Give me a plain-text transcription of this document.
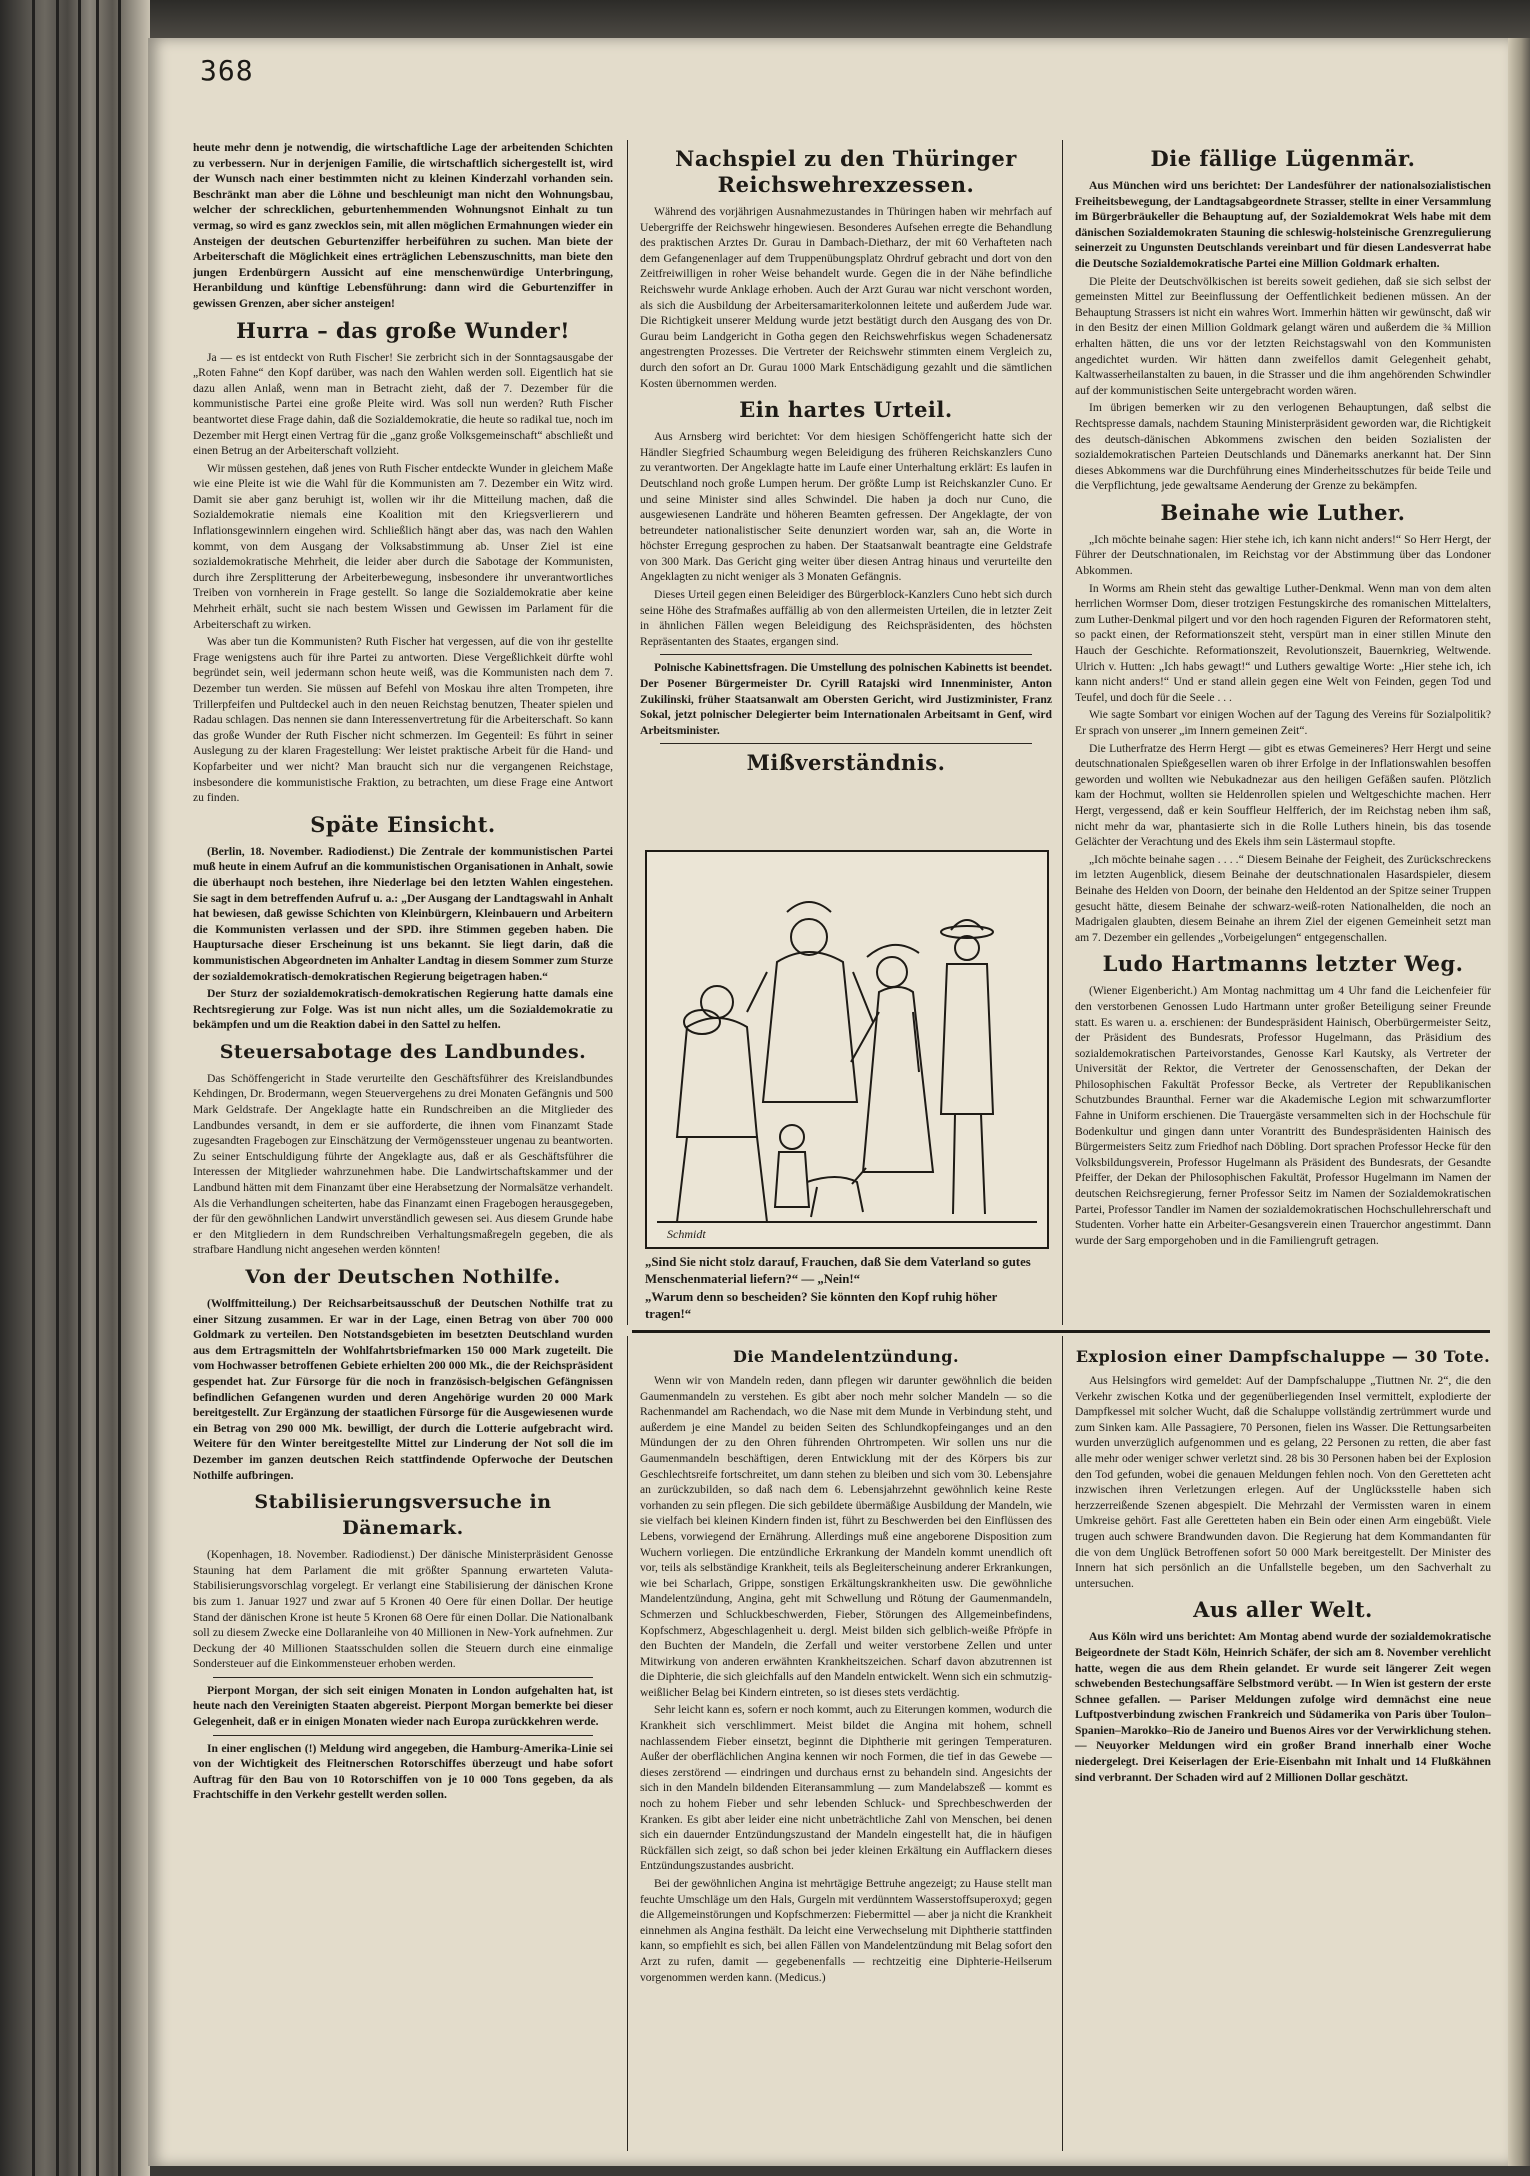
368

heute mehr denn je notwendig, die wirtschaftliche Lage der arbeitenden Schichten zu verbessern. Nur in derjenigen Familie, die wirtschaftlich sichergestellt ist, wird der Wunsch nach einer bestimmten nicht zu kleinen Kinderzahl vorhanden sein. Beschränkt man aber die Löhne und beschleunigt man nicht den Wohnungsbau, welcher der schrecklichen, geburtenhemmenden Wohnungsnot Einhalt zu tun vermag, so wird es ganz zwecklos sein, mit allen möglichen Ermahnungen wieder ein Ansteigen der deutschen Geburtenziffer herbeiführen zu suchen. Man biete der Arbeiterschaft die Möglichkeit eines erträglichen Lebenszuschnitts, man biete den jungen Erdenbürgern Aussicht auf eine menschenwürdige Unterbringung, Heranbildung und künftige Lebensführung: dann wird die Geburtenziffer in gewissen Grenzen, aber sicher ansteigen!

Hurra – das große Wunder!

Ja — es ist entdeckt von Ruth Fischer! Sie zerbricht sich in der Sonntagsausgabe der „Roten Fahne“ den Kopf darüber, was nach den Wahlen werden soll. Eigentlich hat sie dazu allen Anlaß, wenn man in Betracht zieht, daß der 7. Dezember für die kommunistische Partei eine große Pleite wird. Was soll nun werden? Ruth Fischer beantwortet diese Frage dahin, daß die Sozialdemokratie, die heute so radikal tue, noch im Dezember mit Hergt einen Vertrag für die „ganz große Volksgemeinschaft“ abschließt und einen Betrug an der Arbeiterschaft vollzieht.

Wir müssen gestehen, daß jenes von Ruth Fischer entdeckte Wunder in gleichem Maße wie eine Pleite ist wie die Wahl für die Kommunisten am 7. Dezember ein Witz wird. Damit sie aber ganz beruhigt ist, wollen wir ihr die Mitteilung machen, daß die Sozialdemokratie niemals eine Koalition mit den Kriegsverlierern und Inflationsgewinnlern eingehen wird. Schließlich hängt aber das, was nach den Wahlen kommt, von dem Ausgang der Volksabstimmung ab. Unser Ziel ist eine sozialdemokratische Mehrheit, die leider aber durch die Sabotage der Kommunisten, durch ihre Zersplitterung der Arbeiterbewegung, insbesondere ihr unverantwortliches Treiben von vornherein in Frage gestellt. So lange die Sozialdemokratie aber keine Mehrheit erhält, sucht sie nach bestem Wissen und Gewissen im Parlament für die Arbeiterschaft zu wirken.

Was aber tun die Kommunisten? Ruth Fischer hat vergessen, auf die von ihr gestellte Frage wenigstens auch für ihre Partei zu antworten. Diese Vergeßlichkeit dürfte wohl begründet sein, weil jedermann schon heute weiß, was die Kommunisten nach dem 7. Dezember tun werden. Sie müssen auf Befehl von Moskau ihre alten Trompeten, ihre Trillerpfeifen und Pultdeckel auch in den neuen Reichstag benutzen, Theater spielen und Radau schlagen. Das nennen sie dann Interessenvertretung für die Arbeiterschaft. So kann das große Wunder der Ruth Fischer nicht schmerzen. Im Gegenteil: Es führt in seiner Auslegung zu der klaren Fragestellung: Wer leistet praktische Arbeit für die Hand- und Kopfarbeiter und wer nicht? Man braucht sich nur die vergangenen Reichstage, insbesondere die kommunistische Fraktion, zu betrachten, um diese Frage eine Antwort zu finden.

Späte Einsicht.

(Berlin, 18. November. Radiodienst.) Die Zentrale der kommunistischen Partei muß heute in einem Aufruf an die kommunistischen Organisationen in Anhalt, sowie die überhaupt noch bestehen, ihre Niederlage bei den letzten Wahlen eingestehen. Sie sagt in dem betreffenden Aufruf u. a.: „Der Ausgang der Landtagswahl in Anhalt hat bewiesen, daß gewisse Schichten von Kleinbürgern, Kleinbauern und Arbeitern die Kommunisten verlassen und der SPD. ihre Stimmen gegeben haben. Die Hauptursache dieser Erscheinung ist uns bekannt. Sie liegt darin, daß die kommunistischen Abgeordneten im Anhalter Landtag in diesem Sommer zum Sturze der sozialdemokratisch-demokratischen Regierung beigetragen haben.“

Der Sturz der sozialdemokratisch-demokratischen Regierung hatte damals eine Rechtsregierung zur Folge. Was ist nun nicht alles, um die Sozialdemokratie zu bekämpfen und um die Reaktion dabei in den Sattel zu helfen.

Steuersabotage des Landbundes.

Das Schöffengericht in Stade verurteilte den Geschäftsführer des Kreislandbundes Kehdingen, Dr. Brodermann, wegen Steuervergehens zu drei Monaten Gefängnis und 500 Mark Geldstrafe. Der Angeklagte hatte ein Rundschreiben an die Mitglieder des Landbundes versandt, in dem er sie aufforderte, die ihnen vom Finanzamt Stade zugesandten Fragebogen zur Einschätzung der Vermögenssteuer ungenau zu beantworten. Zu seiner Entschuldigung führte der Angeklagte aus, daß er als Geschäftsführer die Interessen der Mitglieder wahrzunehmen habe. Die Landwirtschaftskammer und der Landbund hätten mit dem Finanzamt über eine Herabsetzung der Normalsätze verhandelt. Als die Verhandlungen scheiterten, habe das Finanzamt einen Fragebogen herausgegeben, der für den gewöhnlichen Landwirt unverständlich gewesen sei. Aus diesem Grunde habe er den Mitgliedern in dem Rundschreiben Verhaltungsmaßregeln gegeben, die als strafbare Handlung nicht angesehen werden könnten!

Von der Deutschen Nothilfe.

(Wolffmitteilung.) Der Reichsarbeitsausschuß der Deutschen Nothilfe trat zu einer Sitzung zusammen. Er war in der Lage, einen Betrag von über 700 000 Goldmark zu verteilen. Den Notstandsgebieten im besetzten Deutschland wurden aus dem Ertragsmitteln der Wohlfahrtsbriefmarken 150 000 Mark zugeteilt. Die vom Hochwasser betroffenen Gebiete erhielten 200 000 Mk., die der Reichspräsident gespendet hat. Zur Fürsorge für die noch in französisch-belgischen Gefängnissen befindlichen Gefangenen wurden und deren Angehörige wurden 20 000 Mark bereitgestellt. Zur Ergänzung der staatlichen Fürsorge für die Ausgewiesenen wurde ein Betrag von 290 000 Mk. bewilligt, der durch die Lotterie aufgebracht wird. Weitere für den Winter bereitgestellte Mittel zur Linderung der Not soll die im Dezember im ganzen deutschen Reich stattfindende Opferwoche der Deutschen Nothilfe aufbringen.

Stabilisierungsversuche in Dänemark.

(Kopenhagen, 18. November. Radiodienst.) Der dänische Ministerpräsident Genosse Stauning hat dem Parlament die mit größter Spannung erwarteten Valuta-Stabilisierungsvorschlag vorgelegt. Er verlangt eine Stabilisierung der dänischen Krone bis zum 1. Januar 1927 und zwar auf 5 Kronen 40 Oere für einen Dollar. Der heutige Stand der dänischen Krone ist heute 5 Kronen 68 Oere für einen Dollar. Die Nationalbank soll zu diesem Zwecke eine Dollaranleihe von 40 Millionen in New-York aufnehmen. Zur Deckung der 40 Millionen Staatsschulden sollen die Steuern durch eine einmalige Sondersteuer auf die Einkommensteuer erhoben werden.

Pierpont Morgan, der sich seit einigen Monaten in London aufgehalten hat, ist heute nach den Vereinigten Staaten abgereist. Pierpont Morgan bemerkte bei dieser Gelegenheit, daß er in einigen Monaten wieder nach Europa zurückkehren werde.

In einer englischen (!) Meldung wird angegeben, die Hamburg-Amerika-Linie sei von der Wichtigkeit des Fleitnerschen Rotorschiffes überzeugt und habe sofort Auftrag für den Bau von 10 Rotorschiffen von je 10 000 Tons gegeben, da als Frachtschiffe in den Verkehr gestellt werden sollen.

Nachspiel zu den Thüringer Reichswehrexzessen.

Während des vorjährigen Ausnahmezustandes in Thüringen haben wir mehrfach auf Uebergriffe der Reichswehr hingewiesen. Besonderes Aufsehen erregte die Behandlung des praktischen Arztes Dr. Gurau in Dambach-Dietharz, der mit 60 Verhafteten nach dem Gefangenenlager auf dem Truppenübungsplatz Ohrdruf gebracht und dort von den Zeitfreiwilligen in roher Weise behandelt wurde. Gegen die in der Nähe befindliche Reichswehr wurde Anklage erhoben. Auch der Arzt Gurau war nicht verschont worden, als sich die Ausbildung der Arbeitersamariterkolonnen leitete und außerdem Jude war. Die Richtigkeit unserer Meldung wurde jetzt bestätigt durch den Ausgang des von Dr. Gurau beim Landgericht in Gotha gegen den Reichswehrfiskus wegen Schadenersatz angestrengten Prozesses. Die Vertreter der Reichswehr stimmten einem Vergleich zu, durch den sofort an Dr. Gurau 1000 Mark Entschädigung gezahlt und die sämtlichen Kosten übernommen werden.

Ein hartes Urteil.

Aus Arnsberg wird berichtet: Vor dem hiesigen Schöffengericht hatte sich der Händler Siegfried Schaumburg wegen Beleidigung des früheren Reichskanzlers Cuno zu verantworten. Der Angeklagte hatte im Laufe einer Unterhaltung erklärt: Es laufen in Deutschland noch große Lumpen herum. Der größte Lump ist Reichskanzler Cuno. Er und seine Minister sind alles Schwindel. Die haben ja doch nur Cuno, die ausgewiesenen Landräte und höheren Beamten gefressen. Der Angeklagte, der von betreundeter nationalistischer Seite denunziert worden war, sah an, die Worte in höchster Erregung gesprochen zu haben. Der Staatsanwalt beantragte eine Geldstrafe von 300 Mark. Das Gericht ging weiter über diesen Antrag hinaus und verurteilte den Angeklagten zu nicht weniger als 3 Monaten Gefängnis.

Dieses Urteil gegen einen Beleidiger des Bürgerblock-Kanzlers Cuno hebt sich durch seine Höhe des Strafmaßes auffällig ab von den allermeisten Urteilen, die in letzter Zeit in ähnlichen Fällen wegen Beleidigung des Reichspräsidenten, des höchsten Repräsentanten des Staates, ergangen sind.

Polnische Kabinettsfragen. Die Umstellung des polnischen Kabinetts ist beendet. Der Posener Bürgermeister Dr. Cyrill Ratajski wird Innenminister, Anton Zukilinski, früher Staatsanwalt am Obersten Gericht, wird Justizminister, Franz Sokal, jetzt polnischer Delegierter beim Internationalen Arbeitsamt in Genf, wird Arbeitsminister.

Mißverständnis.
Schmidt
„Sind Sie nicht stolz darauf, Frauchen, daß Sie dem Vaterland so gutes Menschenmaterial liefern?“ — „Nein!“
„Warum denn so bescheiden? Sie könnten den Kopf ruhig höher tragen!“
Die fällige Lügenmär.

Aus München wird uns berichtet: Der Landesführer der nationalsozialistischen Freiheitsbewegung, der Landtagsabgeordnete Strasser, stellte in einer Versammlung im Bürgerbräukeller die Behauptung auf, der Sozialdemokrat Wels habe mit dem dänischen Sozialdemokraten Stauning die schleswig-holsteinische Grenzregulierung seinerzeit zu Ungunsten Deutschlands vereinbart und für diesen Landesverrat habe die Deutsche Sozialdemokratische Partei eine Million Goldmark erhalten.

Die Pleite der Deutschvölkischen ist bereits soweit gediehen, daß sie sich selbst der gemeinsten Mittel zur Beeinflussung der Oeffentlichkeit bedienen müssen. An der Behauptung Strassers ist nicht ein wahres Wort. Immerhin hätten wir gewünscht, daß wir in den Besitz der einen Million Goldmark gelangt wären und außerdem die ¾ Million erhalten hätten, die uns vor der letzten Reichstagswahl von den Kommunisten angedichtet wurden. Wir hätten dann zweifellos damit Gelegenheit gehabt, Kaltwasserheilanstalten zu bauen, in die Strasser und die ihm angehörenden Schwindler auf der kommunistischen Seite untergebracht worden wären.

Im übrigen bemerken wir zu den verlogenen Behauptungen, daß selbst die Rechtspresse damals, nachdem Stauning Ministerpräsident geworden war, die Richtigkeit des deutsch-dänischen Abkommens zwischen den beiden Sozialisten der sozialdemokratischen Parteien Deutschlands und Dänemarks anerkannt hat. Der Sinn dieses Abkommens war die Durchführung eines Minderheitsschutzes für beide Teile und die Verpflichtung, jede gewaltsame Aenderung der Grenze zu bekämpfen.

Beinahe wie Luther.

„Ich möchte beinahe sagen: Hier stehe ich, ich kann nicht anders!“ So Herr Hergt, der Führer der Deutschnationalen, im Reichstag vor der Abstimmung über das Londoner Abkommen.

In Worms am Rhein steht das gewaltige Luther-Denkmal. Wenn man von dem alten herrlichen Wormser Dom, dieser trotzigen Festungskirche des romanischen Mittelalters, zum Luther-Denkmal pilgert und vor den hoch ragenden Figuren der Reformatoren steht, so packt einen, der Reformationszeit steht, verspürt man in einer stillen Minute den Hauch der Geschichte. Reformationszeit, Revolutionszeit, Bauernkrieg, Weltwende. Ulrich v. Hutten: „Ich habs gewagt!“ und Luthers gewaltige Worte: „Hier stehe ich, ich kann nicht anders!“ Und er stand allein gegen eine Welt von Feinden, gegen Tod und Teufel, und doch für die Seele . . .

Wie sagte Sombart vor einigen Wochen auf der Tagung des Vereins für Sozialpolitik? Er sprach von unserer „im Innern gemeinen Zeit“.

Die Lutherfratze des Herrn Hergt — gibt es etwas Gemeineres? Herr Hergt und seine deutschnationalen Spießgesellen waren ob ihrer Erfolge in der Inflationswahlen besoffen geworden und wollten wie Nebukadnezar aus den heiligen Gefäßen saufen. Plötzlich kam der Hochmut, wollten sie Heldenrollen spielen und Weltgeschichte machen. Herr Hergt, vergessend, daß er kein Souffleur Helfferich, der im Reichstag neben ihm saß, nicht mehr da war, phantasierte sich in die Rolle Luthers hinein, bis das tosende Gelächter der Verachtung und des Ekels ihm sein Lästermaul stopfte.

„Ich möchte beinahe sagen . . . .“ Diesem Beinahe der Feigheit, des Zurückschreckens im letzten Augenblick, diesem Beinahe der deutschnationalen Hasardspieler, diesem Beinahe des Helden von Doorn, der beinahe den Heldentod an der Spitze seiner Truppen gesucht hätte, diesem Beinahe der schwarz-weiß-roten Nationalhelden, die noch an Madrigalen glaubten, diesem Beinahe an ihrem Ziel der eigenen Gemeinheit setzt man am 7. Dezember ein gellendes „Vorbeigelungen“ entgegenschallen.

Ludo Hartmanns letzter Weg.

(Wiener Eigenbericht.) Am Montag nachmittag um 4 Uhr fand die Leichenfeier für den verstorbenen Genossen Ludo Hartmann unter großer Beteiligung seiner Freunde statt. Es waren u. a. erschienen: der Bundespräsident Hainisch, Oberbürgermeister Seitz, der Präsident des Bundesrats, Professor Hugelmann, das Präsidium des sozialdemokratischen Parteivorstandes, Genosse Karl Kautsky, als Vertreter der Universität der Rektor, die Vertreter der Genossenschaften, der Dekan der Philosophischen Fakultät Professor Becke, als Vertreter der Republikanischen Schutzbundes Braunthal. Ferner war die Akademische Legion mit schwarzumflorter Fahne in Uniform erschienen. Die Trauergäste versammelten sich in der Hochschule für Bodenkultur und gingen dann unter Vorantritt des Bundespräsidenten Hainisch des Bürgermeisters Seitz zum Friedhof nach Döbling. Dort sprachen Professor Hecke für den Volksbildungsverein, Professor Hugelmann als Präsident des Bundesrats, der Gesandte Pfeiffer, der Dekan der Philosophischen Fakultät, Professor Hugelmann im Namen der deutschen Reichsregierung, ferner Professor Seitz im Namen der Sozialdemokratischen Partei, Professor Tandler im Namen der sozialdemokratischen Hochschullehrerschaft und Studenten. Vorher hatte ein Arbeiter-Gesangsverein einen Trauerchor angestimmt. Dann wurde der Sarg emporgehoben und in die Familiengruft getragen.

Die Mandelentzündung.

Wenn wir von Mandeln reden, dann pflegen wir darunter gewöhnlich die beiden Gaumenmandeln zu verstehen. Es gibt aber noch mehr solcher Mandeln — so die Rachenmandel am Rachendach, wo die Nase mit dem Munde in Verbindung steht, und außerdem je eine Mandel zu beiden Seiten des Schlundkopfeinganges und an den Mündungen der zu den Ohren führenden Ohrtrompeten. Wir sollen uns nur die Gaumenmandeln beschäftigen, deren Entwicklung mit der des Körpers bis zur Geschlechtsreife fortschreitet, um dann stehen zu bleiben und sich vom 30. Lebensjahre an zurückzubilden, so daß nach dem 6. Lebensjahrzehnt gewöhnlich keine Reste vorhanden zu sein pflegen. Die sich gebildete übermäßige Ausbildung der Mandeln, wie sie vielfach bei kleinen Kindern finden ist, führt zu Beschwerden bei den Einflüssen des Lebens, vorwiegend der Ernährung. Allerdings muß eine angeborene Disposition zum Wuchern vorliegen. Die entzündliche Erkrankung der Mandeln kommt unendlich oft vor, teils als selbständige Krankheit, teils als Begleiterscheinung anderer Erkrankungen, wie bei Scharlach, Grippe, sonstigen Erkältungskrankheiten usw. Die gewöhnliche Mandelentzündung, Angina, geht mit Schwellung und Rötung der Gaumenmandeln, Schmerzen und Schluckbeschwerden, Fieber, Störungen des Allgemeinbefindens, Kopfschmerz, Abgeschlagenheit u. dergl. Meist bilden sich gelblich-weiße Pfröpfe in den Buchten der Mandeln, die Zerfall und weiter verstorbene Zellen und unter Mitwirkung von anderen erwähnten Krankheitszeichen. Scharf davon abzutrennen ist die Diphterie, die sich gleichfalls auf den Mandeln entwickelt. Wenn sich ein schmutzig-weißlicher Belag bei Kindern eintreten, so ist dieses stets verdächtig.

Sehr leicht kann es, sofern er noch kommt, auch zu Eiterungen kommen, wodurch die Krankheit sich verschlimmert. Meist bildet die Angina mit hohem, schnell nachlassendem Fieber einsetzt, beginnt die Diphtherie mit geringen Temperaturen. Außer der oberflächlichen Angina kennen wir noch Formen, die tief in das Gewebe — dieses zerstörend — eindringen und durchaus ernst zu behandeln sind. Angesichts der sich in den Mandeln bildenden Eiteransammlung — zum Mandelabszeß — kommt es noch zu hohem Fieber und sehr lebenden Schluck- und Sprechbeschwerden der Kranken. Es gibt aber leider eine nicht unbeträchtliche Zahl von Menschen, bei denen sich ein dauernder Entzündungszustand der Mandeln eingestellt hat, die in häufigen Rückfällen sich zeigt, so daß schon bei jeder kleinen Erkältung ein Aufflackern dieses Entzündungszustandes ausbricht.

Bei der gewöhnlichen Angina ist mehrtägige Bettruhe angezeigt; zu Hause stellt man feuchte Umschläge um den Hals, Gurgeln mit verdünntem Wasserstoffsuperoxyd; gegen die Allgemeinstörungen und Kopfschmerzen: Fiebermittel — aber ja nicht die Krankheit einnehmen als Angina festhält. Da leicht eine Verwechselung mit Diphtherie stattfinden kann, so empfiehlt es sich, bei allen Fällen von Mandelentzündung mit Belag sofort den Arzt zu rufen, damit — gegebenenfalls — rechtzeitig eine Diphterie-Heilserum vorgenommen werden kann. (Medicus.)

Explosion einer Dampfschaluppe — 30 Tote.

Aus Helsingfors wird gemeldet: Auf der Dampfschaluppe „Tiuttnen Nr. 2“, die den Verkehr zwischen Kotka und der gegenüberliegenden Insel vermittelt, explodierte der Dampfkessel mit solcher Wucht, daß die Schaluppe vollständig zertrümmert wurde und zum Sinken kam. Alle Passagiere, 70 Personen, fielen ins Wasser. Die Rettungsarbeiten wurden unverzüglich aufgenommen und es gelang, 22 Personen zu retten, die aber fast alle mehr oder weniger schwer verletzt sind. 28 bis 30 Personen haben bei der Explosion den Tod gefunden, wobei die genauen Meldungen fehlen noch. Von den Geretteten acht inzwischen ihren Verletzungen erlegen. Auf der Unglücksstelle haben sich herzzerreißende Szenen abgespielt. Die Mehrzahl der Vermissten waren in einem Umkreise gehört. Fast alle Geretteten haben ein Bein oder einen Arm eingebüßt. Viele trugen auch schwere Brandwunden davon. Die Regierung hat dem Kommandanten für die von dem Unglück Betroffenen sofort 50 000 Mark bereitgestellt. Der Minister des Innern hat sich persönlich an die Unfallstelle begeben, um den Sachverhalt zu untersuchen.

Aus aller Welt.

Aus Köln wird uns berichtet: Am Montag abend wurde der sozialdemokratische Beigeordnete der Stadt Köln, Heinrich Schäfer, der sich am 8. November verehlicht hatte, wegen die aus dem Rhein gelandet. Er wurde seit längerer Zeit wegen schwebenden Bestechungsaffäre Selbstmord verübt. — In Wien ist gestern der erste Schnee gefallen. — Pariser Meldungen zufolge wird demnächst eine neue Luftpostverbindung zwischen Frankreich und Südamerika von Paris über Toulon–Spanien–Marokko–Rio de Janeiro und Buenos Aires vor der Verwirklichung stehen. — Neuyorker Meldungen wird ein großer Brand innerhalb einer Woche niedergelegt. Drei Keiserlagen der Erie-Eisenbahn mit Inhalt und 14 Flußkähnen sind verbrannt. Der Schaden wird auf 2 Millionen Dollar geschätzt.
